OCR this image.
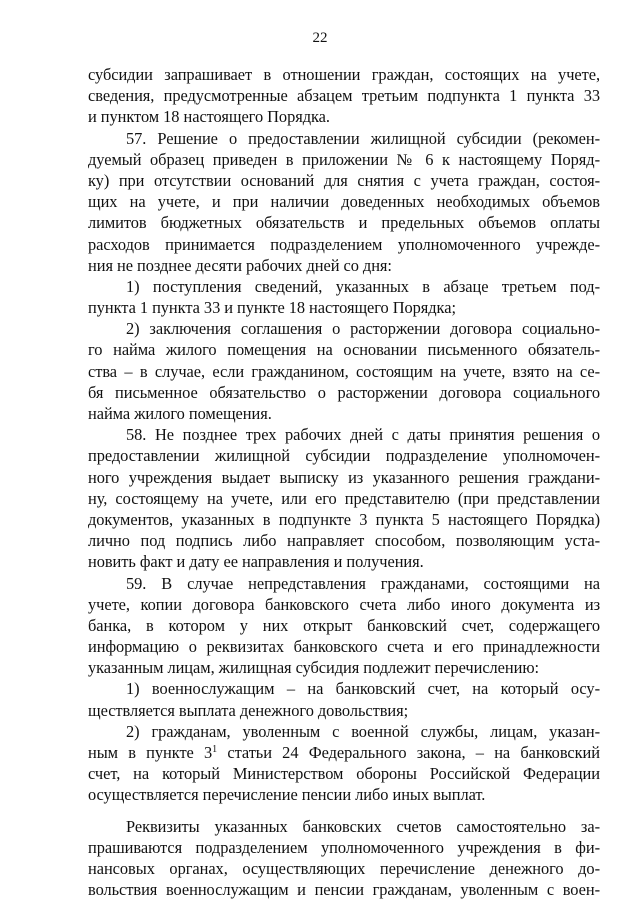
22
субсидии запрашивает в отношении граждан, состоящих на учете,
сведения, предусмотренные абзацем третьим подпункта 1 пункта 33
и пунктом 18 настоящего Порядка.
57. Решение о предоставлении жилищной субсидии (рекомен-
дуемый образец приведен в приложении № 6 к настоящему Поряд-
ку) при отсутствии оснований для снятия с учета граждан, состоя-
щих на учете, и при наличии доведенных необходимых объемов
лимитов бюджетных обязательств и предельных объемов оплаты
расходов принимается подразделением уполномоченного учрежде-
ния не позднее десяти рабочих дней со дня:
1) поступления сведений, указанных в абзаце третьем под-
пункта 1 пункта 33 и пункте 18 настоящего Порядка;
2) заключения соглашения о расторжении договора социально-
го найма жилого помещения на основании письменного обязатель-
ства – в случае, если гражданином, состоящим на учете, взято на се-
бя письменное обязательство о расторжении договора социального
найма жилого помещения.
58. Не позднее трех рабочих дней с даты принятия решения о
предоставлении жилищной субсидии подразделение уполномочен-
ного учреждения выдает выписку из указанного решения граждани-
ну, состоящему на учете, или его представителю (при представлении
документов, указанных в подпункте 3 пункта 5 настоящего Порядка)
лично под подпись либо направляет способом, позволяющим уста-
новить факт и дату ее направления и получения.
59. В случае непредставления гражданами, состоящими на
учете, копии договора банковского счета либо иного документа из
банка, в котором у них открыт банковский счет, содержащего
информацию о реквизитах банковского счета и его принадлежности
указанным лицам, жилищная субсидия подлежит перечислению:
1) военнослужащим – на банковский счет, на который осу-
ществляется выплата денежного довольствия;
2) гражданам, уволенным с военной службы, лицам, указан-
ным в пункте $3^1$ статьи 24 Федерального закона, – на банковский
счет, на который Министерством обороны Российской Федерации
осуществляется перечисление пенсии либо иных выплат.
Реквизиты указанных банковских счетов самостоятельно за-
прашиваются подразделением уполномоченного учреждения в фи-
нансовых органах, осуществляющих перечисление денежного до-
вольствия военнослужащим и пенсии гражданам, уволенным с воен-
